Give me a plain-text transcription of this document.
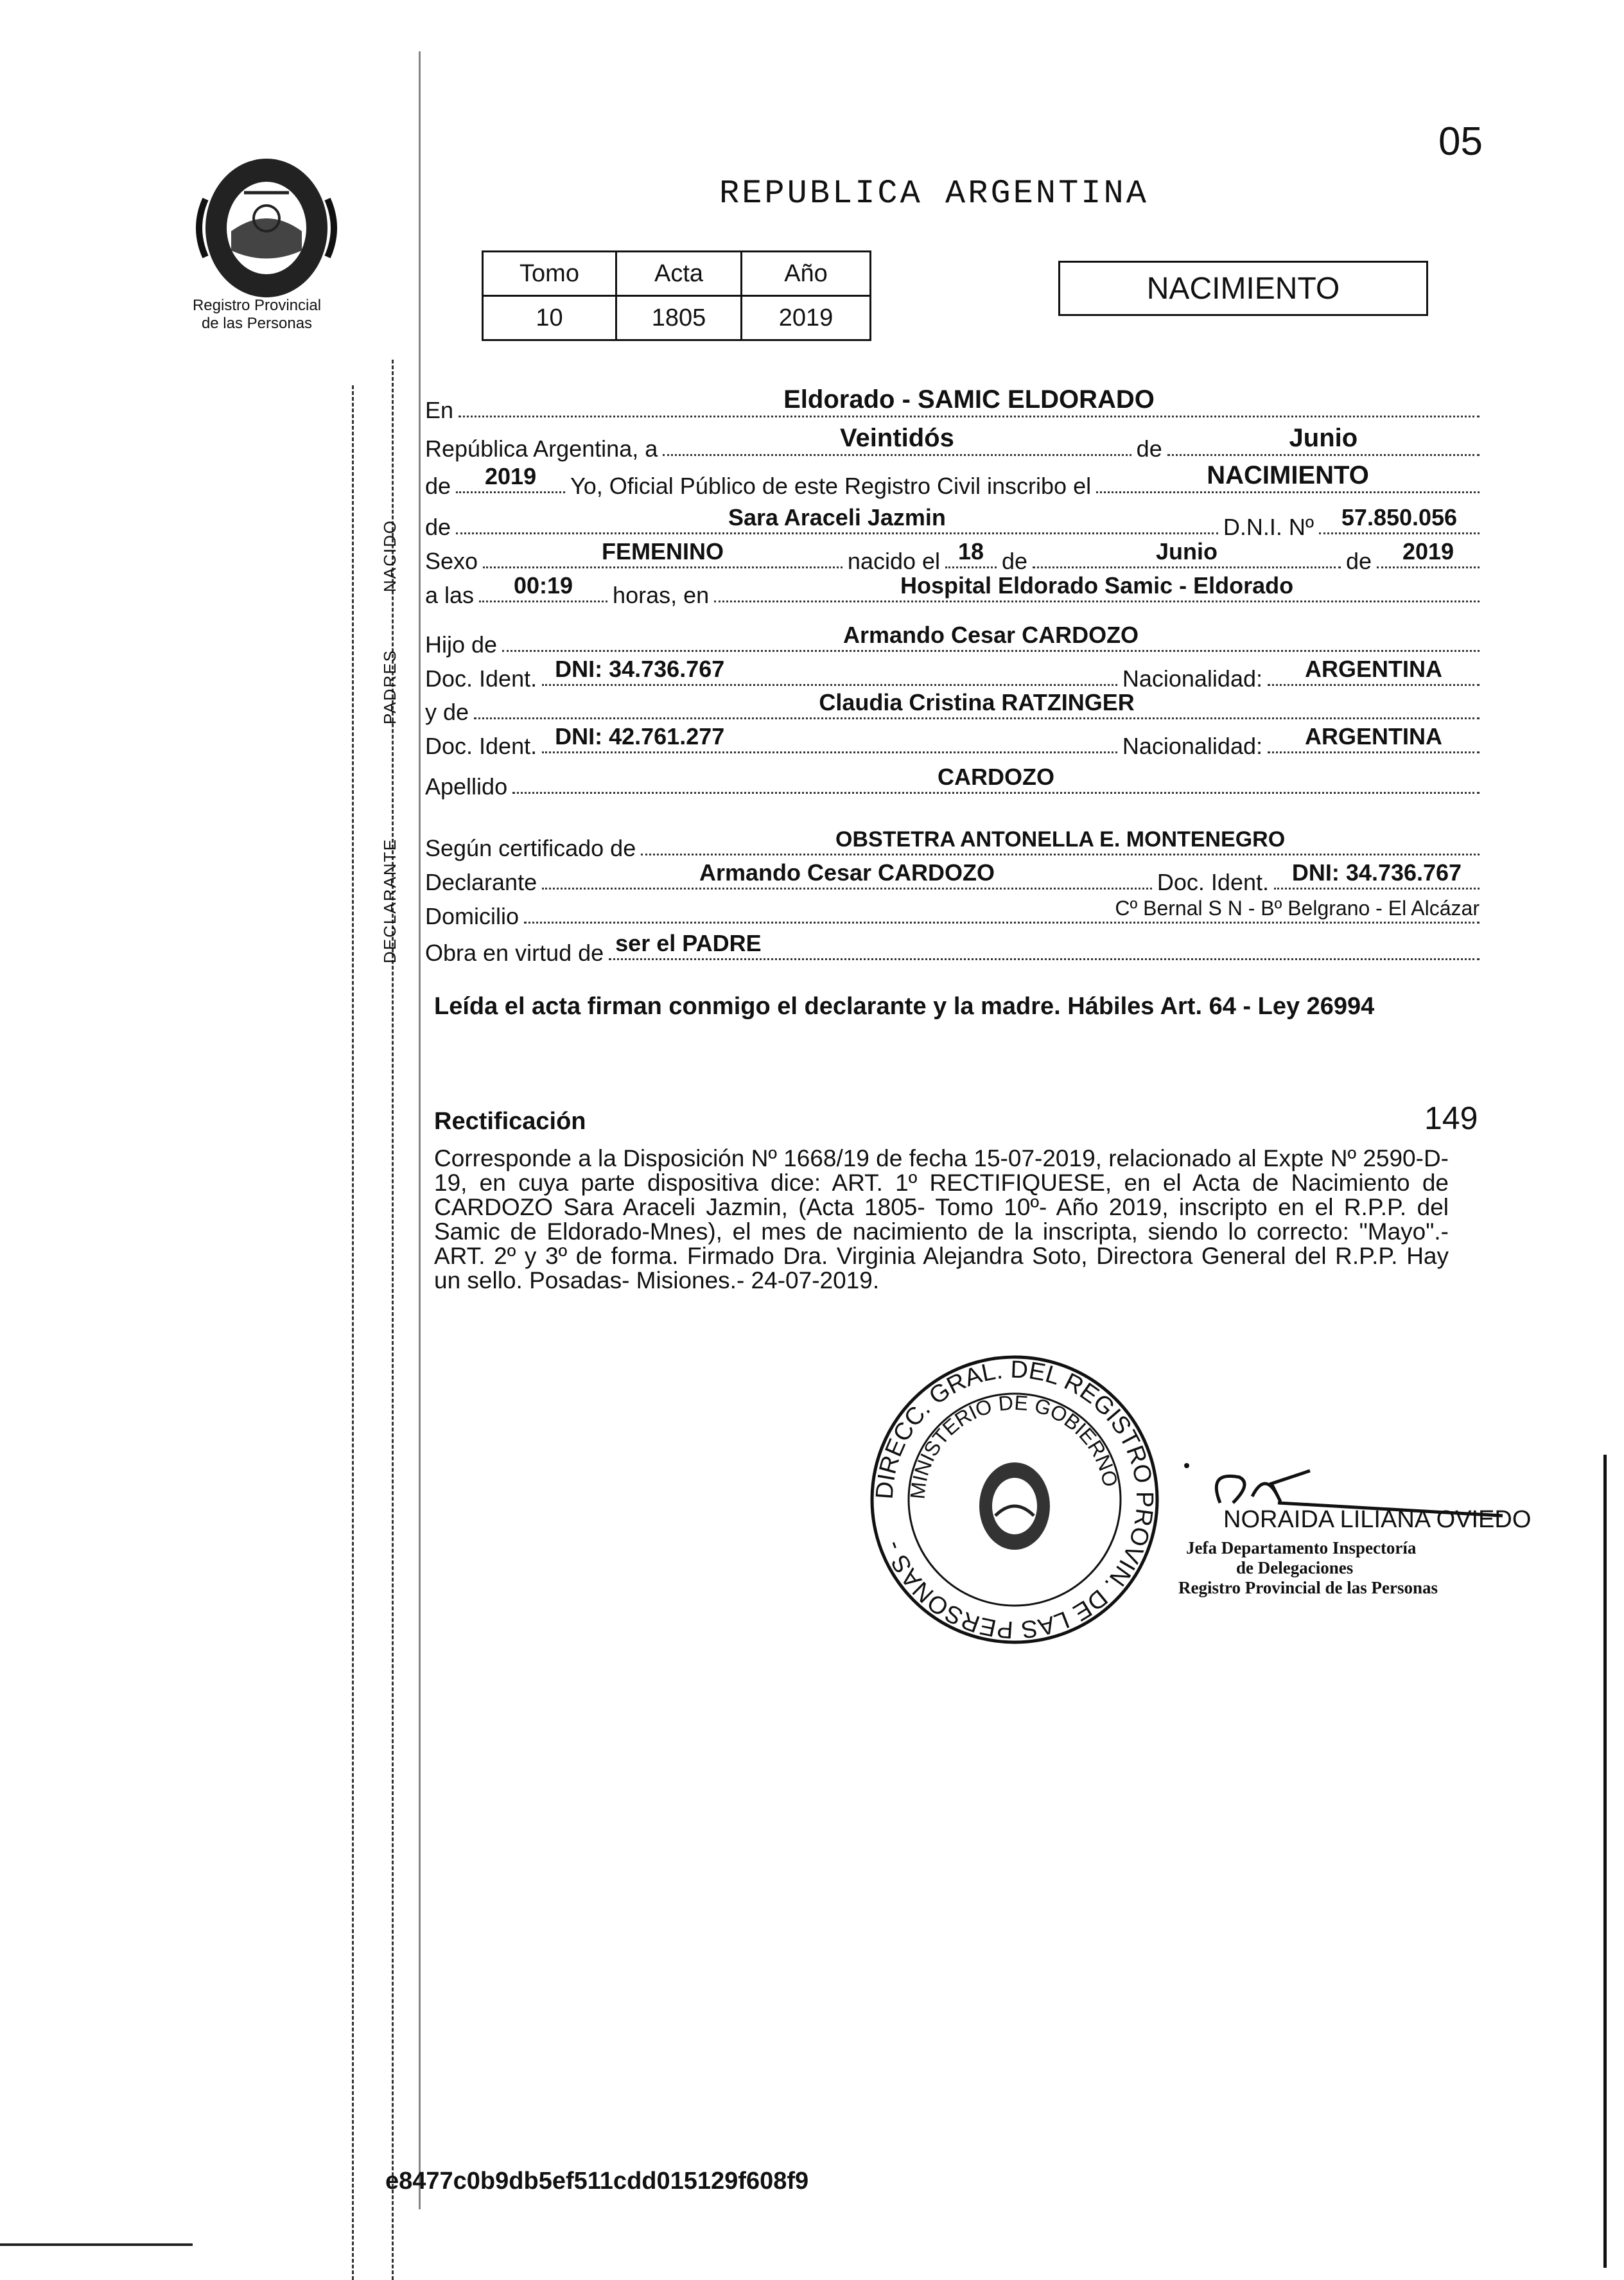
05
REPUBLICA ARGENTINA
Registro Provincial
de las Personas
Tomo	Acta	Año
10	1805	2019
NACIMIENTO
NACIDO
PADRES
DECLARANTE
En	Eldorado - SAMIC ELDORADO
República Argentina, a	Veintidós	de	Junio
de	2019	Yo, Oficial Público de este Registro Civil inscribo el	NACIMIENTO
de	Sara Araceli Jazmin	D.N.I. Nº	57.850.056
Sexo	FEMENINO	nacido el 18 de	Junio	de	2019
a las	00:19	horas, en	Hospital Eldorado Samic - Eldorado
Hijo de	Armando Cesar CARDOZO
Doc. Ident. DNI: 34.736.767	Nacionalidad:	ARGENTINA
y de	Claudia Cristina RATZINGER
Doc. Ident. DNI: 42.761.277	Nacionalidad:	ARGENTINA
Apellido	CARDOZO
Según certificado de	OBSTETRA ANTONELLA E. MONTENEGRO
Declarante	Armando Cesar CARDOZO	Doc. Ident. DNI: 34.736.767
Domicilio	Cº Bernal S N - Bº Belgrano - El Alcázar
Obra en virtud de ser el PADRE
Leída el acta firman conmigo el declarante y la madre. Hábiles Art. 64 - Ley 26994
Rectificación	149
Corresponde a la Disposición Nº 1668/19 de fecha 15-07-2019, relacionado al Expte Nº 2590-D-19, en cuya parte dispositiva dice: ART. 1º RECTIFIQUESE, en el Acta de Nacimiento de CARDOZO Sara Araceli Jazmin, (Acta 1805- Tomo 10º- Año 2019, inscripto en el R.P.P. del Samic de Eldorado-Mnes), el mes de nacimiento de la inscripta, siendo lo correcto: "Mayo".- ART. 2º y 3º de forma. Firmado Dra. Virginia Alejandra Soto, Directora General del R.P.P. Hay un sello. Posadas- Misiones.- 24-07-2019.
DIRECC. GRAL. DEL REGISTRO PROVIN. DE LAS PERSONAS -
MINISTERIO DE GOBIERNO
NORAIDA LILIANA OVIEDO
Jefa Departamento Inspectoría
de Delegaciones
Registro Provincial de las Personas
e8477c0b9db5ef511cdd015129f608f9
